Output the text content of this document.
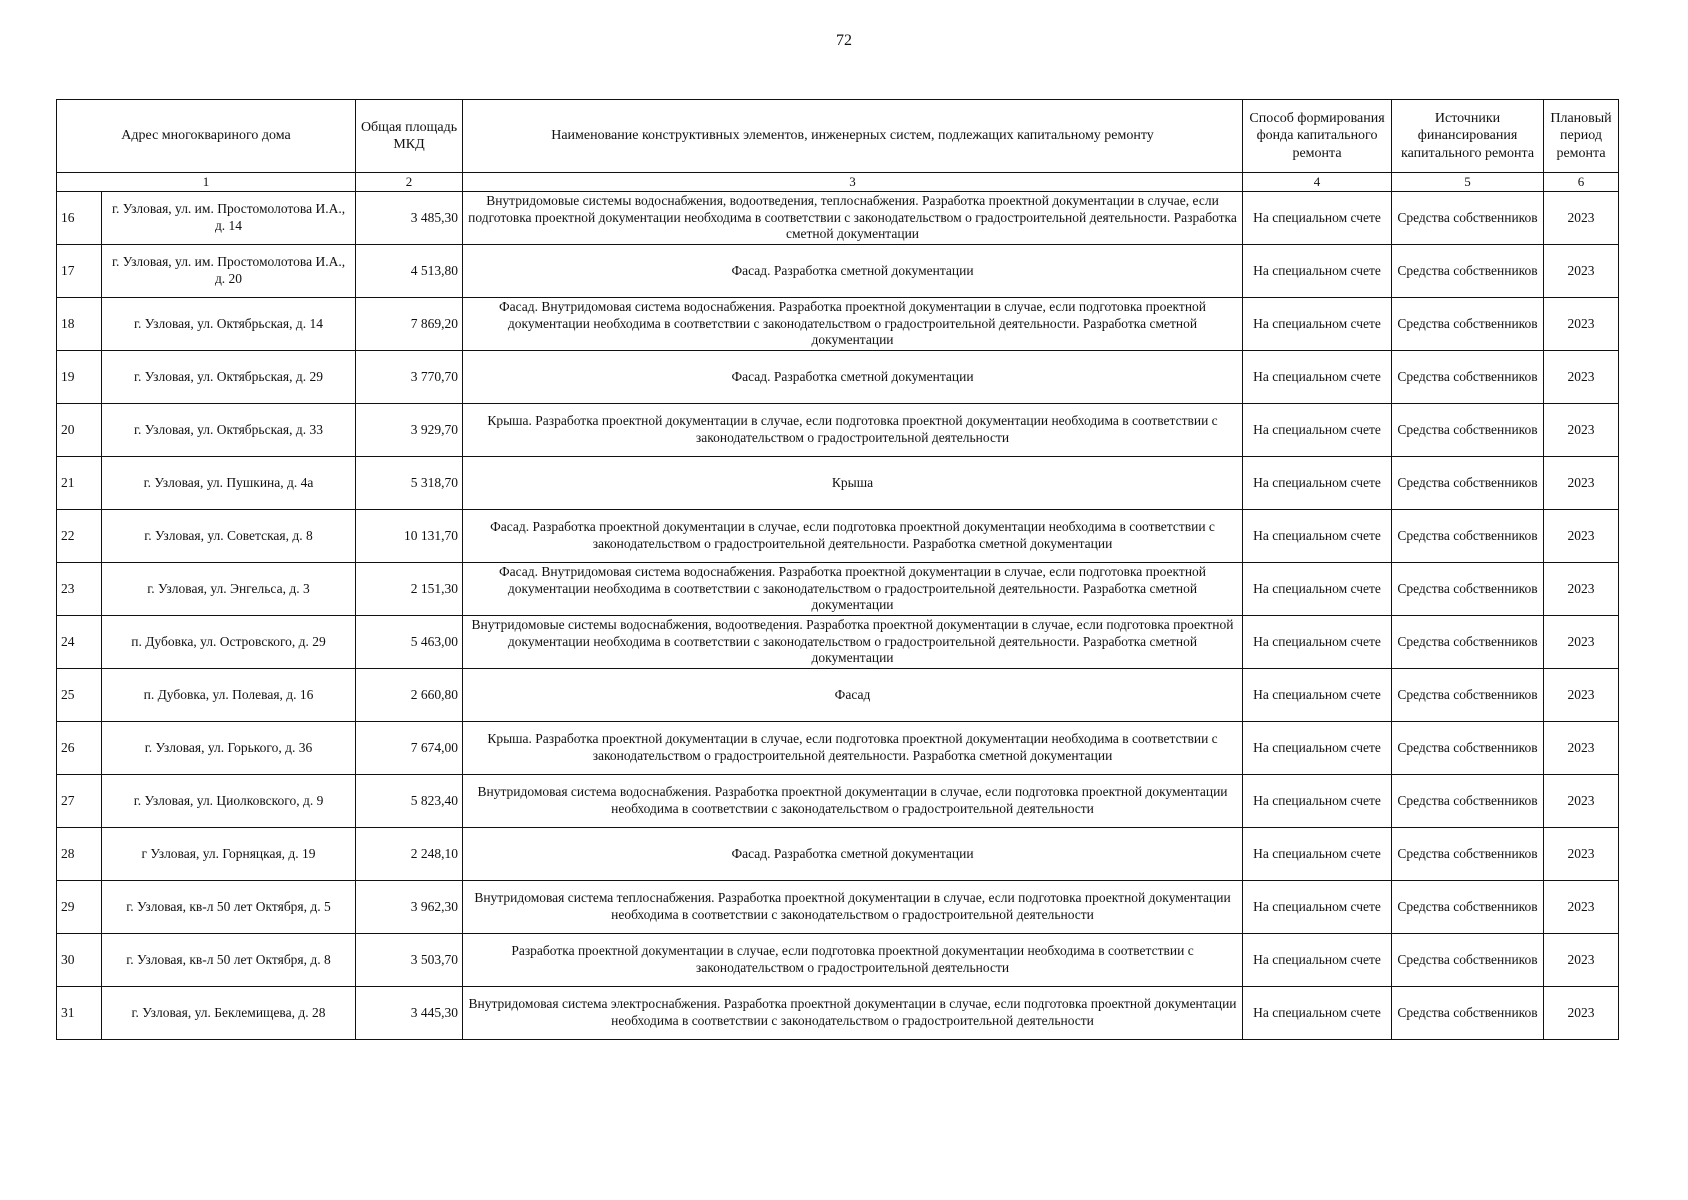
72
Адрес многоквариного дома		Общая площадь МКД	Наименование конструктивных элементов, инженерных систем, подлежащих капитальному ремонту	Способ формирования фонда капитального ремонта	Источники финансирования капитального ремонта	Плановый период ремонта
1		2	3	4	5	6
16	г. Узловая, ул. им. Простомолотова И.А., д. 14	3 485,30	Внутридомовые системы водоснабжения, водоотведения, теплоснабжения. Разработка проектной документации в случае, если подготовка проектной документации необходима в соответствии с законодательством о градостроительной деятельности. Разработка сметной документации	На специальном счете	Средства собственников	2023
17	г. Узловая, ул. им. Простомолотова И.А., д. 20	4 513,80	Фасад. Разработка сметной документации	На специальном счете	Средства собственников	2023
18	г. Узловая, ул. Октябрьская, д. 14	7 869,20	Фасад. Внутридомовая система водоснабжения. Разработка проектной документации в случае, если подготовка проектной документации необходима в соответствии с законодательством о градостроительной деятельности. Разработка сметной документации	На специальном счете	Средства собственников	2023
19	г. Узловая, ул. Октябрьская, д. 29	3 770,70	Фасад. Разработка сметной документации	На специальном счете	Средства собственников	2023
20	г. Узловая, ул. Октябрьская, д. 33	3 929,70	Крыша. Разработка проектной документации в случае, если подготовка проектной документации необходима в соответствии с законодательством о градостроительной деятельности	На специальном счете	Средства собственников	2023
21	г. Узловая, ул. Пушкина, д. 4а	5 318,70	Крыша	На специальном счете	Средства собственников	2023
22	г. Узловая, ул. Советская, д. 8	10 131,70	Фасад. Разработка проектной документации в случае, если подготовка проектной документации необходима в соответствии с законодательством о градостроительной деятельности. Разработка сметной документации	На специальном счете	Средства собственников	2023
23	г. Узловая, ул. Энгельса, д. 3	2 151,30	Фасад. Внутридомовая система водоснабжения. Разработка проектной документации в случае, если подготовка проектной документации необходима в соответствии с законодательством о градостроительной деятельности. Разработка сметной документации	На специальном счете	Средства собственников	2023
24	п. Дубовка, ул. Островского, д. 29	5 463,00	Внутридомовые системы водоснабжения, водоотведения. Разработка проектной документации в случае, если подготовка проектной документации необходима в соответствии с законодательством о градостроительной деятельности. Разработка сметной документации	На специальном счете	Средства собственников	2023
25	п. Дубовка, ул. Полевая, д. 16	2 660,80	Фасад	На специальном счете	Средства собственников	2023
26	г. Узловая, ул. Горького, д. 36	7 674,00	Крыша. Разработка проектной документации в случае, если подготовка проектной документации необходима в соответствии с законодательством о градостроительной деятельности. Разработка сметной документации	На специальном счете	Средства собственников	2023
27	г. Узловая, ул. Циолковского, д. 9	5 823,40	Внутридомовая система водоснабжения. Разработка проектной документации в случае, если подготовка проектной документации необходима в соответствии с законодательством о градостроительной деятельности	На специальном счете	Средства собственников	2023
28	г Узловая, ул. Горняцкая, д. 19	2 248,10	Фасад. Разработка сметной документации	На специальном счете	Средства собственников	2023
29	г. Узловая, кв-л 50 лет Октября, д. 5	3 962,30	Внутридомовая система теплоснабжения. Разработка проектной документации в случае, если подготовка проектной документации необходима в соответствии с законодательством о градостроительной деятельности	На специальном счете	Средства собственников	2023
30	г. Узловая, кв-л 50 лет Октября, д. 8	3 503,70	Разработка проектной документации в случае, если подготовка проектной документации необходима в соответствии с законодательством о градостроительной деятельности	На специальном счете	Средства собственников	2023
31	г. Узловая, ул. Беклемищева, д. 28	3 445,30	Внутридомовая система электроснабжения. Разработка проектной документации в случае, если подготовка проектной документации необходима в соответствии с законодательством о градостроительной деятельности	На специальном счете	Средства собственников	2023
